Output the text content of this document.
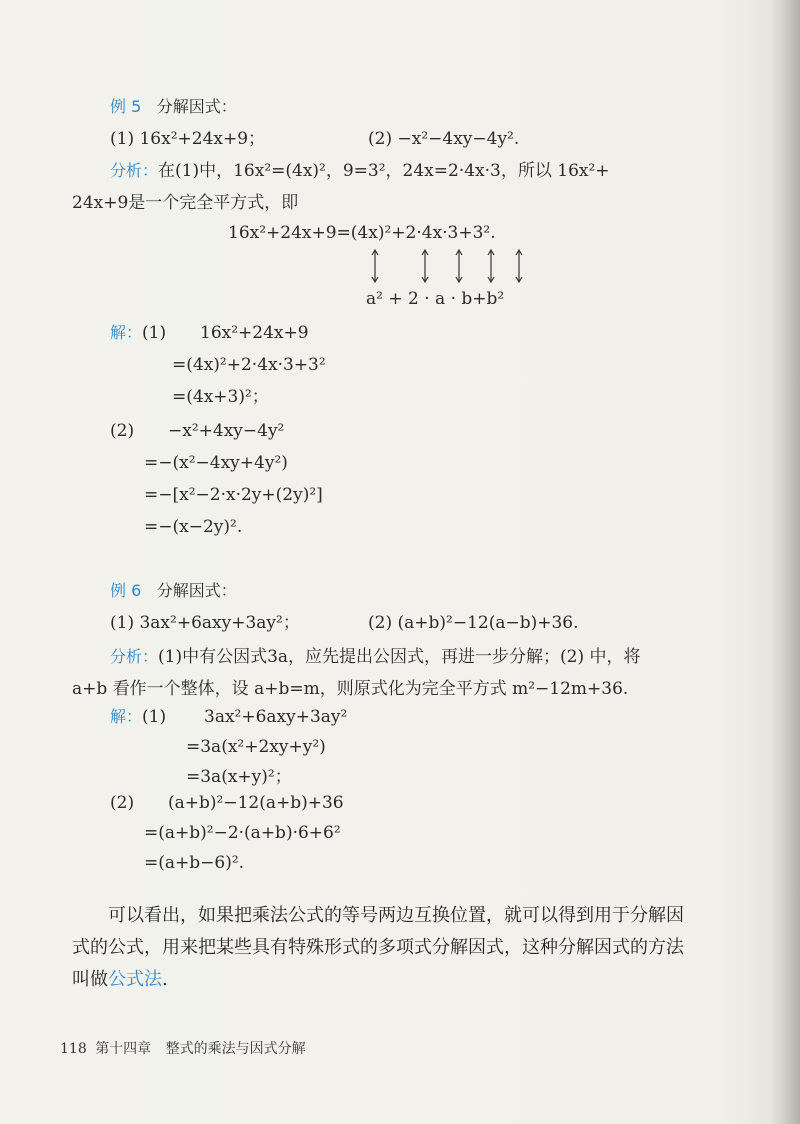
例 5 分解因式：
(1) 16x²+24x+9；	(2) −x²−4xy−4y².
分析：在(1)中，16x²=(4x)²，9=3²，24x=2·4x·3，所以 16x²+
24x+9是一个完全平方式，即
16x²+24x+9=(4x)²+2·4x·3+3².
a² + 2 · a · b+b²
解：(1) 16x²+24x+9
=(4x)²+2·4x·3+3²
=(4x+3)²；
(2) −x²+4xy−4y²
=−(x²−4xy+4y²)
=−[x²−2·x·2y+(2y)²]
=−(x−2y)².
例 6 分解因式：
(1) 3ax²+6axy+3ay²；	(2) (a+b)²−12(a−b)+36.
分析：(1)中有公因式3a，应先提出公因式，再进一步分解；(2) 中，将
a+b 看作一个整体，设 a+b=m，则原式化为完全平方式 m²−12m+36.
解：(1) 3ax²+6axy+3ay²
=3a(x²+2xy+y²)
=3a(x+y)²；
(2) (a+b)²−12(a+b)+36
=(a+b)²−2·(a+b)·6+6²
=(a+b−6)².
可以看出，如果把乘法公式的等号两边互换位置，就可以得到用于分解因
式的公式，用来把某些具有特殊形式的多项式分解因式，这种分解因式的方法
叫做公式法.
118 第十四章 整式的乘法与因式分解
